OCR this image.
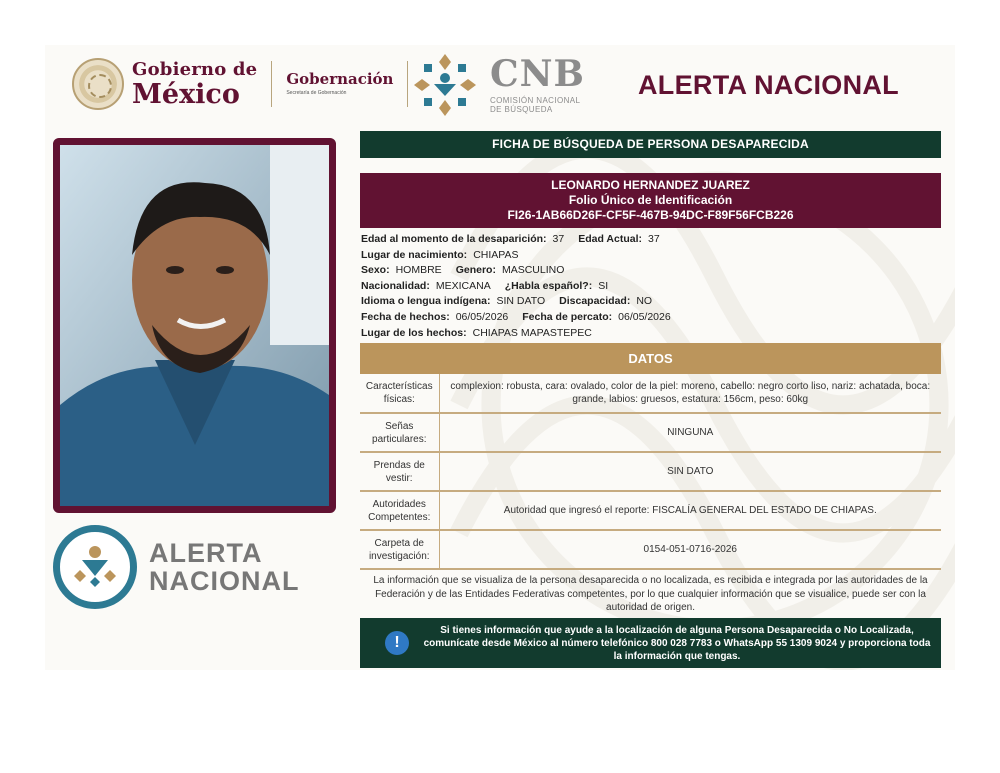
Gobierno de
México	Gobernación
Secretaría de Gobernación	CNB
COMISIÓN NACIONAL
DE BÚSQUEDA
ALERTA NACIONAL
ALERTA
NACIONAL
FICHA DE BÚSQUEDA DE PERSONA DESAPARECIDA
LEONARDO HERNANDEZ JUAREZ
Folio Único de Identificación
FI26-1AB66D26F-CF5F-467B-94DC-F89F56FCB226
Edad al momento de la desaparición: 37 Edad Actual: 37
Lugar de nacimiento: CHIAPAS
Sexo: HOMBRE Genero: MASCULINO
Nacionalidad: MEXICANA ¿Habla español?: SI
Idioma o lengua indígena: SIN DATO Discapacidad: NO
Fecha de hechos: 06/05/2026 Fecha de percato: 06/05/2026
Lugar de los hechos: CHIAPAS MAPASTEPEC
DATOS
Características
físicas:	complexion: robusta, cara: ovalado, color de la piel: moreno, cabello: negro corto liso, nariz: achatada, boca: grande, labios: gruesos, estatura: 156cm, peso: 60kg
Señas
particulares:	NINGUNA
Prendas de
vestir:	SIN DATO
Autoridades
Competentes:	Autoridad que ingresó el reporte: FISCALÍA GENERAL DEL ESTADO DE CHIAPAS.
Carpeta de
investigación:	0154-051-0716-2026
La información que se visualiza de la persona desaparecida o no localizada, es recibida e integrada por las autoridades de la Federación y de las Entidades Federativas competentes, por lo que cualquier información que se visualice, puede ser con la autoridad de origen.
!
Si tienes información que ayude a la localización de alguna Persona Desaparecida o No Localizada, comunícate desde México al número telefónico 800 028 7783 o WhatsApp 55 1309 9024 y proporciona toda la información que tengas.
